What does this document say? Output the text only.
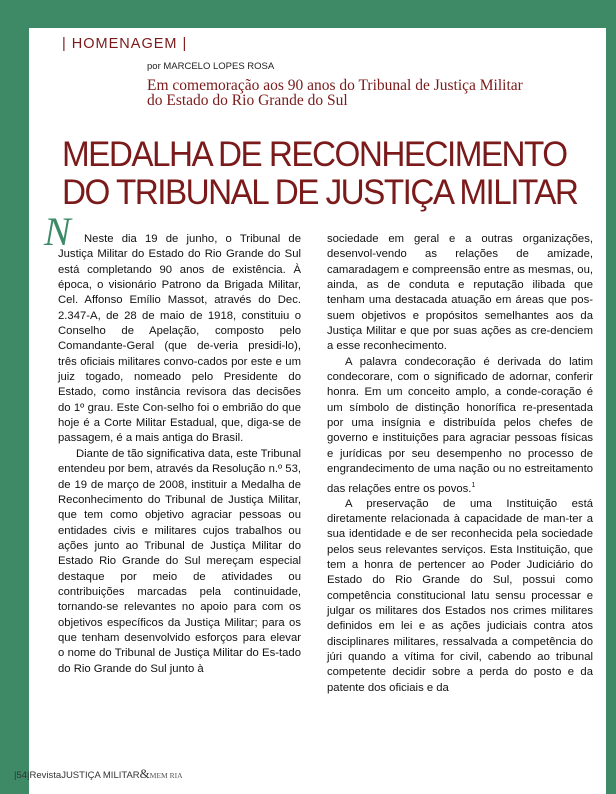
| HOMENAGEM |
por MARCELO LOPES ROSA
Em comemoração aos 90 anos do Tribunal de Justiça Militar
do Estado do Rio Grande do Sul
MEDALHA DE RECONHECIMENTO
DO TRIBUNAL DE JUSTIÇA MILITAR
N	Neste dia 19 de junho, o Tribunal de Justiça Militar do Estado do Rio Grande do Sul está completando 90 anos de existência. À época, o visionário Patrono da Brigada Militar, Cel. Affonso Emílio Massot, através do Dec. 2.347-A, de 28 de maio de 1918, constituiu o Conselho de Apelação, composto pelo Comandante-Geral (que de-veria presidi-lo), três oficiais militares convo-cados por este e um juiz togado, nomeado pelo Presidente do Estado, como instância revisora das decisões do 1º grau. Este Con-selho foi o embrião do que hoje é a Corte Militar Estadual, que, diga-se de passagem, é a mais antiga do Brasil.

Diante de tão significativa data, este Tribunal entendeu por bem, através da Resolução n.º 53, de 19 de março de 2008, instituir a Medalha de Reconhecimento do Tribunal de Justiça Militar, que tem como objetivo agraciar pessoas ou entidades civis e militares cujos trabalhos ou ações junto ao Tribunal de Justiça Militar do Estado Rio Grande do Sul mereçam especial destaque por meio de atividades ou contribuições marcadas pela continuidade, tornando-se relevantes no apoio para com os objetivos específicos da Justiça Militar; para os que tenham desenvolvido esforços para elevar o nome do Tribunal de Justiça Militar do Es-tado do Rio Grande do Sul junto à

sociedade em geral e a outras organizações, desenvol-vendo as relações de amizade, camaradagem e compreensão entre as mesmas, ou, ainda, as de conduta e reputação ilibada que tenham uma destacada atuação em áreas que pos-suem objetivos e propósitos semelhantes aos da Justiça Militar e que por suas ações as cre-denciem a esse reconhecimento.

A palavra condecoração é derivada do latim condecorare, com o significado de adornar, conferir honra. Em um conceito amplo, a conde-coração é um símbolo de distinção honorífica re-presentada por uma insígnia e distribuída pelos chefes de governo e instituições para agraciar pessoas físicas e jurídicas por seu desempenho no processo de engrandecimento de uma nação ou no estreitamento das relações entre os povos.$^1$

A preservação de uma Instituição está diretamente relacionada à capacidade de man-ter a sua identidade e de ser reconhecida pela sociedade pelos seus relevantes serviços. Esta Instituição, que tem a honra de pertencer ao Poder Judiciário do Estado do Rio Grande do Sul, possui como competência constitucional latu sensu processar e julgar os militares dos Estados nos crimes militares definidos em lei e as ações judiciais contra atos disciplinares militares, ressalvada a competência do júri quando a vítima for civil, cabendo ao tribunal competente decidir sobre a perda do posto e da patente dos oficiais e da

|54|RevistaJUSTIÇA MILITAR&MEM RIA
